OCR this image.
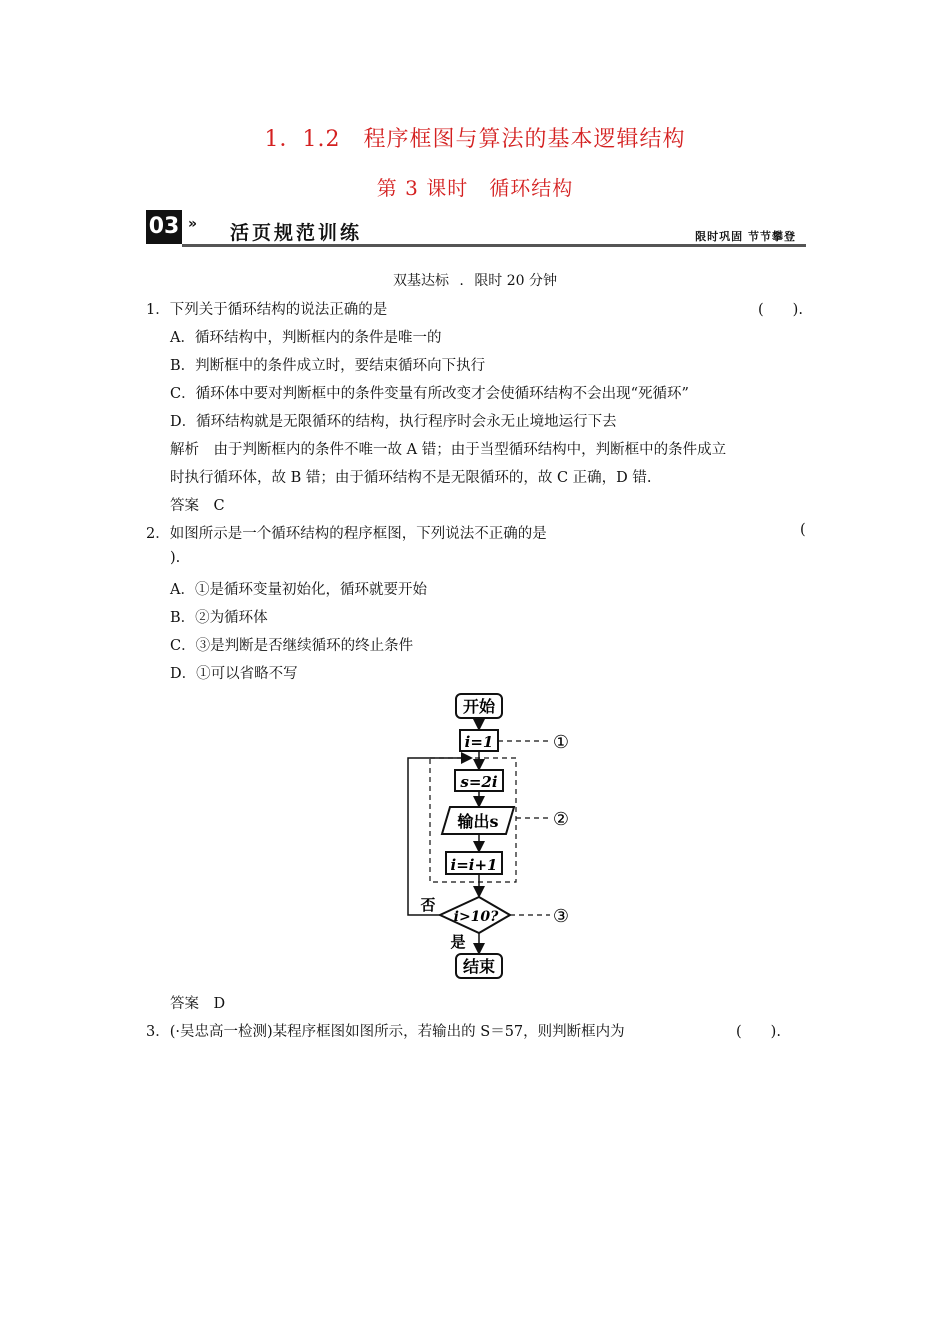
1．1.2　程序框图与算法的基本逻辑结构
第 3 课时　循环结构
03 » 活页规范训练	限时巩固 节节攀登
双基达标 . 限时 20 分钟
1．下列关于循环结构的说法正确的是	(　　).
A．循环结构中，判断框内的条件是唯一的
B．判断框中的条件成立时，要结束循环向下执行
C．循环体中要对判断框中的条件变量有所改变才会使循环结构不会出现“死循环”
D．循环结构就是无限循环的结构，执行程序时会永无止境地运行下去
解析　由于判断框内的条件不唯一故 A 错；由于当型循环结构中，判断框中的条件成立
时执行循环体，故 B 错；由于循环结构不是无限循环的，故 C 正确，D 错.
答案　C
2．如图所示是一个循环结构的程序框图，下列说法不正确的是	(
).
A．①是循环变量初始化，循环就要开始
B．②为循环体
C．③是判断是否继续循环的终止条件
D．①可以省略不写
开始
i=1	①
②
s=2i
输出s
i=i+1
i>10?	③
否
是
结束
答案　D
3．(·吴忠高一检测)某程序框图如图所示，若输出的 S＝57，则判断框内为	(　　).
